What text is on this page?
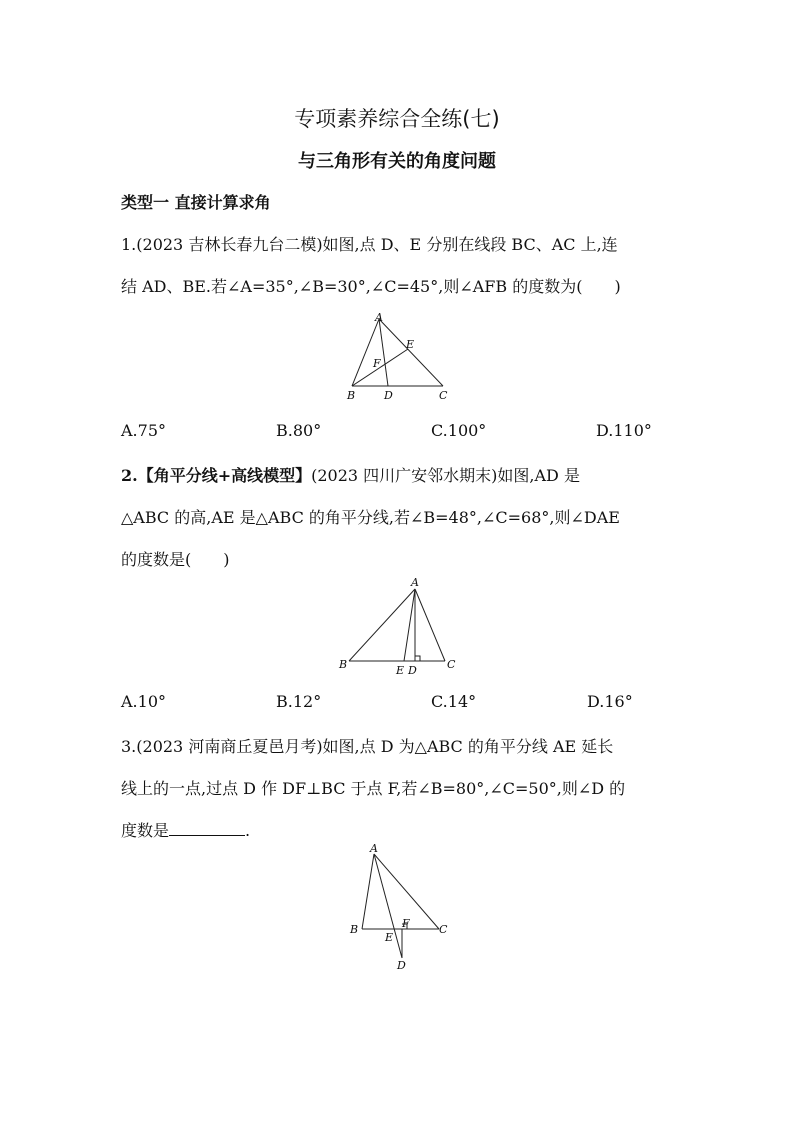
专项素养综合全练(七)
与三角形有关的角度问题
类型一 直接计算求角
1.(2023 吉林长春九台二模)如图,点 D、E 分别在线段 BC、AC 上,连
结 AD、BE.若∠A=35°,∠B=30°,∠C=45°,则∠AFB 的度数为(　　)
A
E
F
B	D	C
A.75°	B.80°	C.100°	D.110°
2.【角平分线+高线模型】(2023 四川广安邻水期末)如图,AD 是
△ABC 的高,AE 是△ABC 的角平分线,若∠B=48°,∠C=68°,则∠DAE
的度数是(　　)
A
B	E D	C
A.10°	B.12°	C.14°	D.16°
3.(2023 河南商丘夏邑月考)如图,点 D 为△ABC 的角平分线 AE 延长
线上的一点,过点 D 作 DF⊥BC 于点 F,若∠B=80°,∠C=50°,则∠D 的
度数是	.
A
B
E
F	C
D
